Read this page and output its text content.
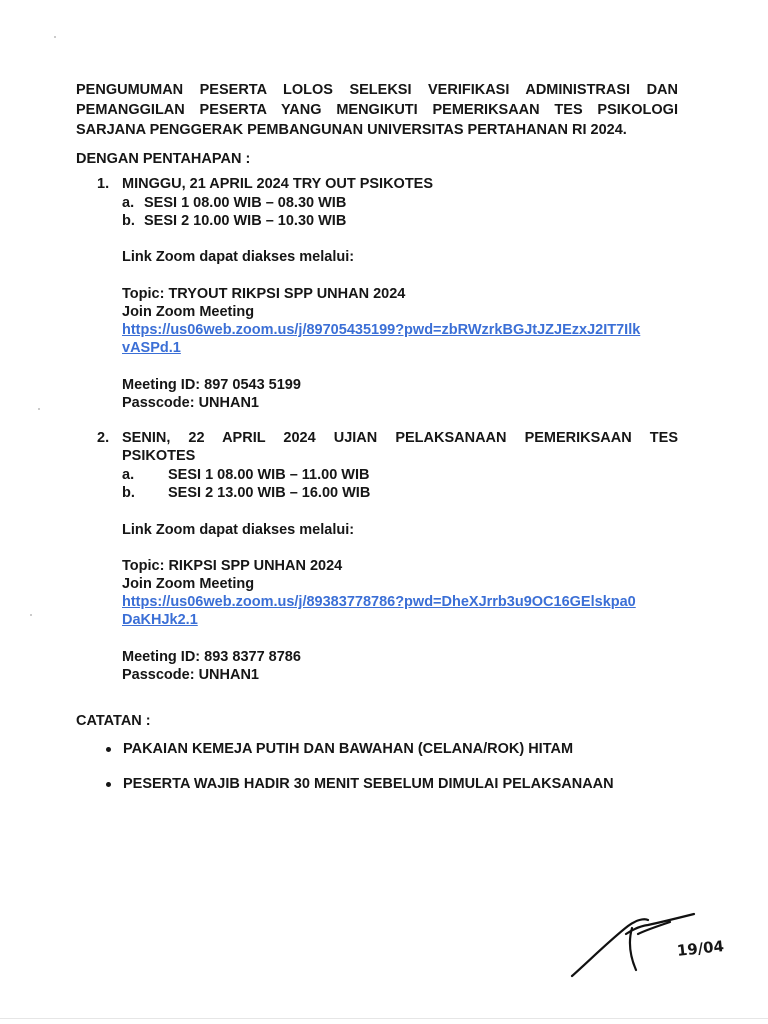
PENGUMUMAN PESERTA LOLOS SELEKSI VERIFIKASI ADMINISTRASI DAN
PEMANGGILAN PESERTA YANG MENGIKUTI PEMERIKSAAN TES PSIKOLOGI
SARJANA PENGGERAK PEMBANGUNAN UNIVERSITAS PERTAHANAN RI 2024.
DENGAN PENTAHAPAN :
1. MINGGU, 21 APRIL 2024 TRY OUT PSIKOTES
a. SESI 1 08.00 WIB – 08.30 WIB
b. SESI 2 10.00 WIB – 10.30 WIB
Link Zoom dapat diakses melalui:
Topic: TRYOUT RIKPSI SPP UNHAN 2024
Join Zoom Meeting
https://us06web.zoom.us/j/89705435199?pwd=zbRWzrkBGJtJZJEzxJ2IT7Ilk
vASPd.1
Meeting ID: 897 0543 5199
Passcode: UNHAN1
2. SENIN, 22 APRIL 2024 UJIAN PELAKSANAAN PEMERIKSAAN TES
PSIKOTES
a. SESI 1 08.00 WIB – 11.00 WIB
b. SESI 2 13.00 WIB – 16.00 WIB
Link Zoom dapat diakses melalui:
Topic: RIKPSI SPP UNHAN 2024
Join Zoom Meeting
https://us06web.zoom.us/j/89383778786?pwd=DheXJrrb3u9OC16GElskpa0
DaKHJk2.1
Meeting ID: 893 8377 8786
Passcode: UNHAN1
CATATAN :
PAKAIAN KEMEJA PUTIH DAN BAWAHAN (CELANA/ROK) HITAM
PESERTA WAJIB HADIR 30 MENIT SEBELUM DIMULAI PELAKSANAAN
19/04
